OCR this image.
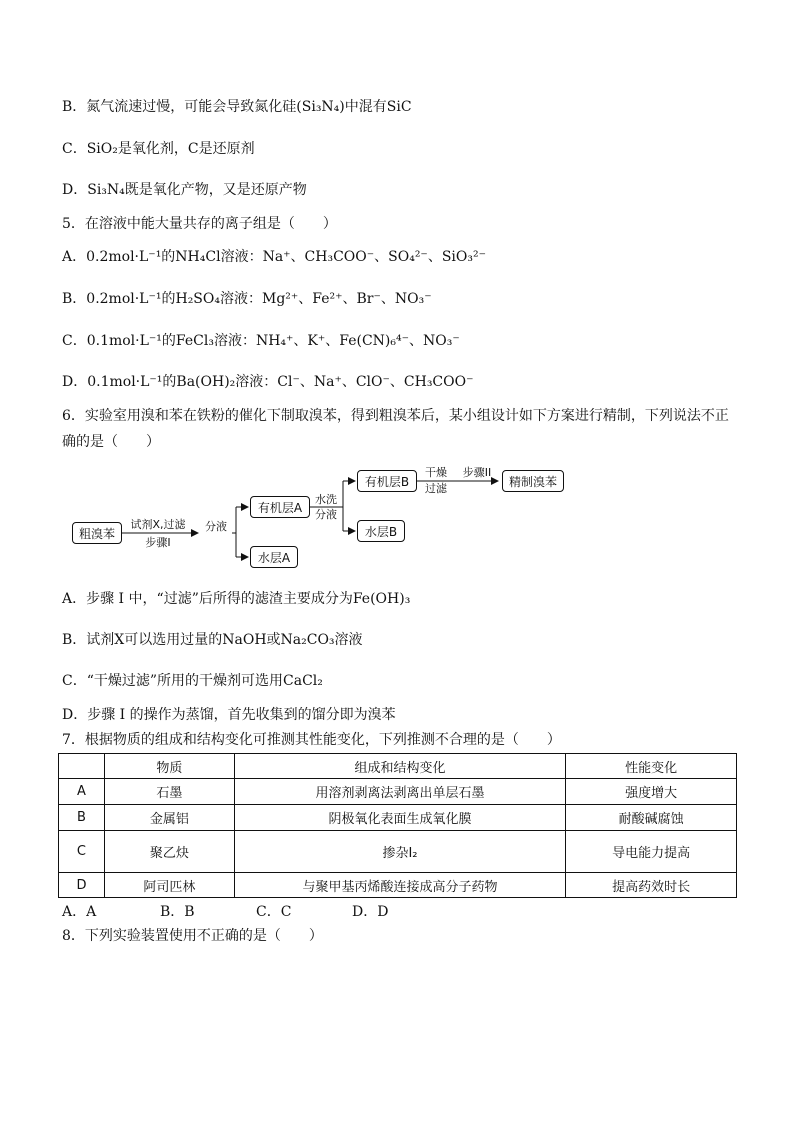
B．氮气流速过慢，可能会导致氮化硅(Si₃N₄)中混有SiC
C．SiO₂是氧化剂，C是还原剂
D．Si₃N₄既是氧化产物，又是还原产物
5．在溶液中能大量共存的离子组是（　　）
A．0.2mol·L⁻¹的NH₄Cl溶液：Na⁺、CH₃COO⁻、SO₄²⁻、SiO₃²⁻
B．0.2mol·L⁻¹的H₂SO₄溶液：Mg²⁺、Fe²⁺、Br⁻、NO₃⁻
C．0.1mol·L⁻¹的FeCl₃溶液：NH₄⁺、K⁺、Fe(CN)₆⁴⁻、NO₃⁻
D．0.1mol·L⁻¹的Ba(OH)₂溶液：Cl⁻、Na⁺、ClO⁻、CH₃COO⁻
6．实验室用溴和苯在铁粉的催化下制取溴苯，得到粗溴苯后，某小组设计如下方案进行精制，下列说法不正
确的是（　　）
粗溴苯
试剂X,过滤
步骤I
分液
有机层A
水层A
水洗
分液
有机层B
水层B
干燥
过滤
步骤II
精制溴苯
A．步骤 I 中，“过滤”后所得的滤渣主要成分为Fe(OH)₃
B．试剂X可以选用过量的NaOH或Na₂CO₃溶液
C．“干燥过滤”所用的干燥剂可选用CaCl₂
D．步骤 I 的操作为蒸馏，首先收集到的馏分即为溴苯
7．根据物质的组成和结构变化可推测其性能变化，下列推测不合理的是（　　）
	物质	组成和结构变化	性能变化
A	石墨	用溶剂剥离法剥离出单层石墨	强度增大
B	金属铝	阴极氧化表面生成氧化膜	耐酸碱腐蚀
C	聚乙炔	掺杂I₂	导电能力提高
D	阿司匹林	与聚甲基丙烯酸连接成高分子药物	提高药效时长
A．A	B．B	C．C	D．D
8．下列实验装置使用不正确的是（　　）
